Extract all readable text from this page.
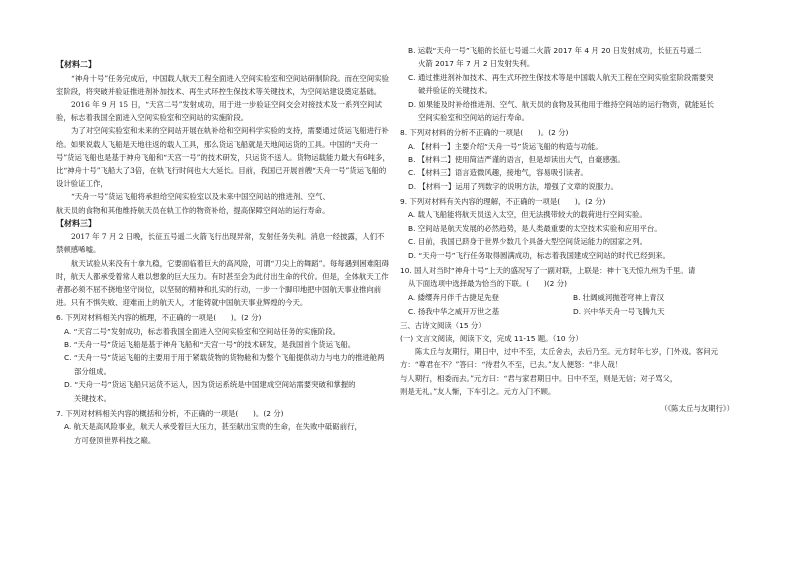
【材料二】

“神舟十号”任务完成后，中国载人航天工程全面进入空间实验室和空间站研制阶段。而在空间实验室阶段，将突破并验证推进剂补加技术、再生式环控生保技术等关键技术，为空间站建设奠定基础。

2016 年 9 月 15 日，“天宫二号”发射成功，用于进一步验证空间交会对接技术及一系列空间试验，标志着我国全面进入空间实验室和空间站的实施阶段。

为了对空间实验室和未来的空间站开展在轨补给和空间科学实验的支持，需要通过货运飞船进行补给。如果说载人飞船是天地往返的载人工具，那么货运飞船就是天地间运货的工具。中国的“天舟一号”货运飞船也是基于神舟飞船和“天宫一号”的技术研发，只运货不送人。货物运载能力最大有6吨多，比“神舟十号”飞船大了3倍，在轨飞行时间也大大延长。目前，我国已开展首艘“天舟一号”货运飞船的设计验证工作，

“天舟一号”货运飞船将承担给空间实验室以及未来中国空间站的推进剂、空气、

航天员的食物和其他维持航天员在轨工作的物资补给，提高保障空间站的运行寿命。

【材料三】

2017 年 7 月 2 日晚，长征五号遥二火箭飞行出现异常，发射任务失利。消息一经披露，人们不禁顿感唏嘘。

航天试验从来没有十拿九稳，它要面临着巨大的高风险，可谓“刀尖上的舞蹈”。每每遇到困难阻碍时，航天人都承受着常人难以想象的巨大压力。有时甚至会为此付出生命的代价。但是，全体航天工作者都必须不屈不挠地坚守岗位，以坚韧的精神和扎实的行动，一步一个脚印地把中国航天事业推向前进。只有不惧失败、迎难而上的航天人，才能铸就中国航天事业辉煌的今天。

6. 下列对材料相关内容的梳理，不正确的一项是(　　)。(2 分)

A. “天宫二号”发射成功，标志着我国全面进入空间实验室和空间站任务的实施阶段。

B. “天舟一号”货运飞船是基于神舟飞船和“天宫一号”的技术研发，是我国首个货运飞船。

C. “天舟一号”货运飞船的主要用于用于紧载货物的货物舱和为整个飞船提供动力与电力的推进舱两

部分组成。

D. “天舟一号”货运飞船只运货不运人，因为货运系统是中国建成空间站需要突破和掌握的

关键技术。

7. 下列对材料相关内容的概括和分析，不正确的一项是(　　)。(2 分)

A. 航天是高风险事业，航天人承受着巨大压力，甚至献出宝贵的生命，在失败中砥砺前行，

方可登顶世界科技之巅。

B. 运载“天舟一号”飞船的长征七号遥二火箭 2017 年 4 月 20 日发射成功，长征五号遥二

火箭 2017 年 7 月 2 日发射失利。

C. 通过推进剂补加技术、再生式环控生保技术等是中国载人航天工程在空间实验室阶段需要突

破并验证的关键技术。

D. 如果能及时补给推进剂、空气、航天员的食物及其他用于维持空间站的运行物资，就能延长

空间实验室和空间站的运行寿命。

8. 下列对材料的分析不正确的一项是(　　)。(2 分)

A. 【材料一】主要介绍“天舟一号”货运飞船的构造与功能。

B. 【材料二】使用简洁严谨的语言，但是却读出大气，自豪感强。

C. 【材料三】语言造微风趣，接地气，容易吸引读者。

D. 【材料一】运用了列数字的说明方法，增强了文章的说服力。

9. 下列对材料有关内容的理解，不正确的一项是(　　)。(2 分)

A. 载人飞船能将航天员送入太空，但无法携带较大的载荷进行空间实验。

B. 空间站是航天发展的必然趋势，是人类最重要的太空技术实验和应用平台。

C. 目前，我国已跻身于世界少数几个具备大型空间货运能力的国家之列。

D. “天舟一号”飞行任务取得圆满成功，标志着我国建成空间站的时代已经到来。

10. 国人对当时“神舟十号”上天的盛况写了一副对联，上联是：神十飞天惊九州为千里。请

从下面选项中选择最为恰当的下联。(　　)(2 分)

A. 緌缨奔月伴千古捷足先登	B. 壮阔威河抛苍穹神上青汉
C. 扬我中华之威开万世之基	D. 兴中华天舟一号飞腾九天

三、古诗文阅读（15 分）

(一) 文言文阅读，阅读下文，完成 11-15 题。（10 分）

陈太丘与友期行，期日中，过中不至，太丘舍去，去后乃至。元方时年七岁，门外戏。客问元方：“尊君在不？”答曰：“待君久不至，已去。”友人便怒：“非人哉！

与人期行，相委而去。”元方曰：“君与家君期日中。日中不至，则是无信；对子骂父，

则是无礼。”友人惭，下车引之。元方入门不顾。

（《陈太丘与友期行》）
